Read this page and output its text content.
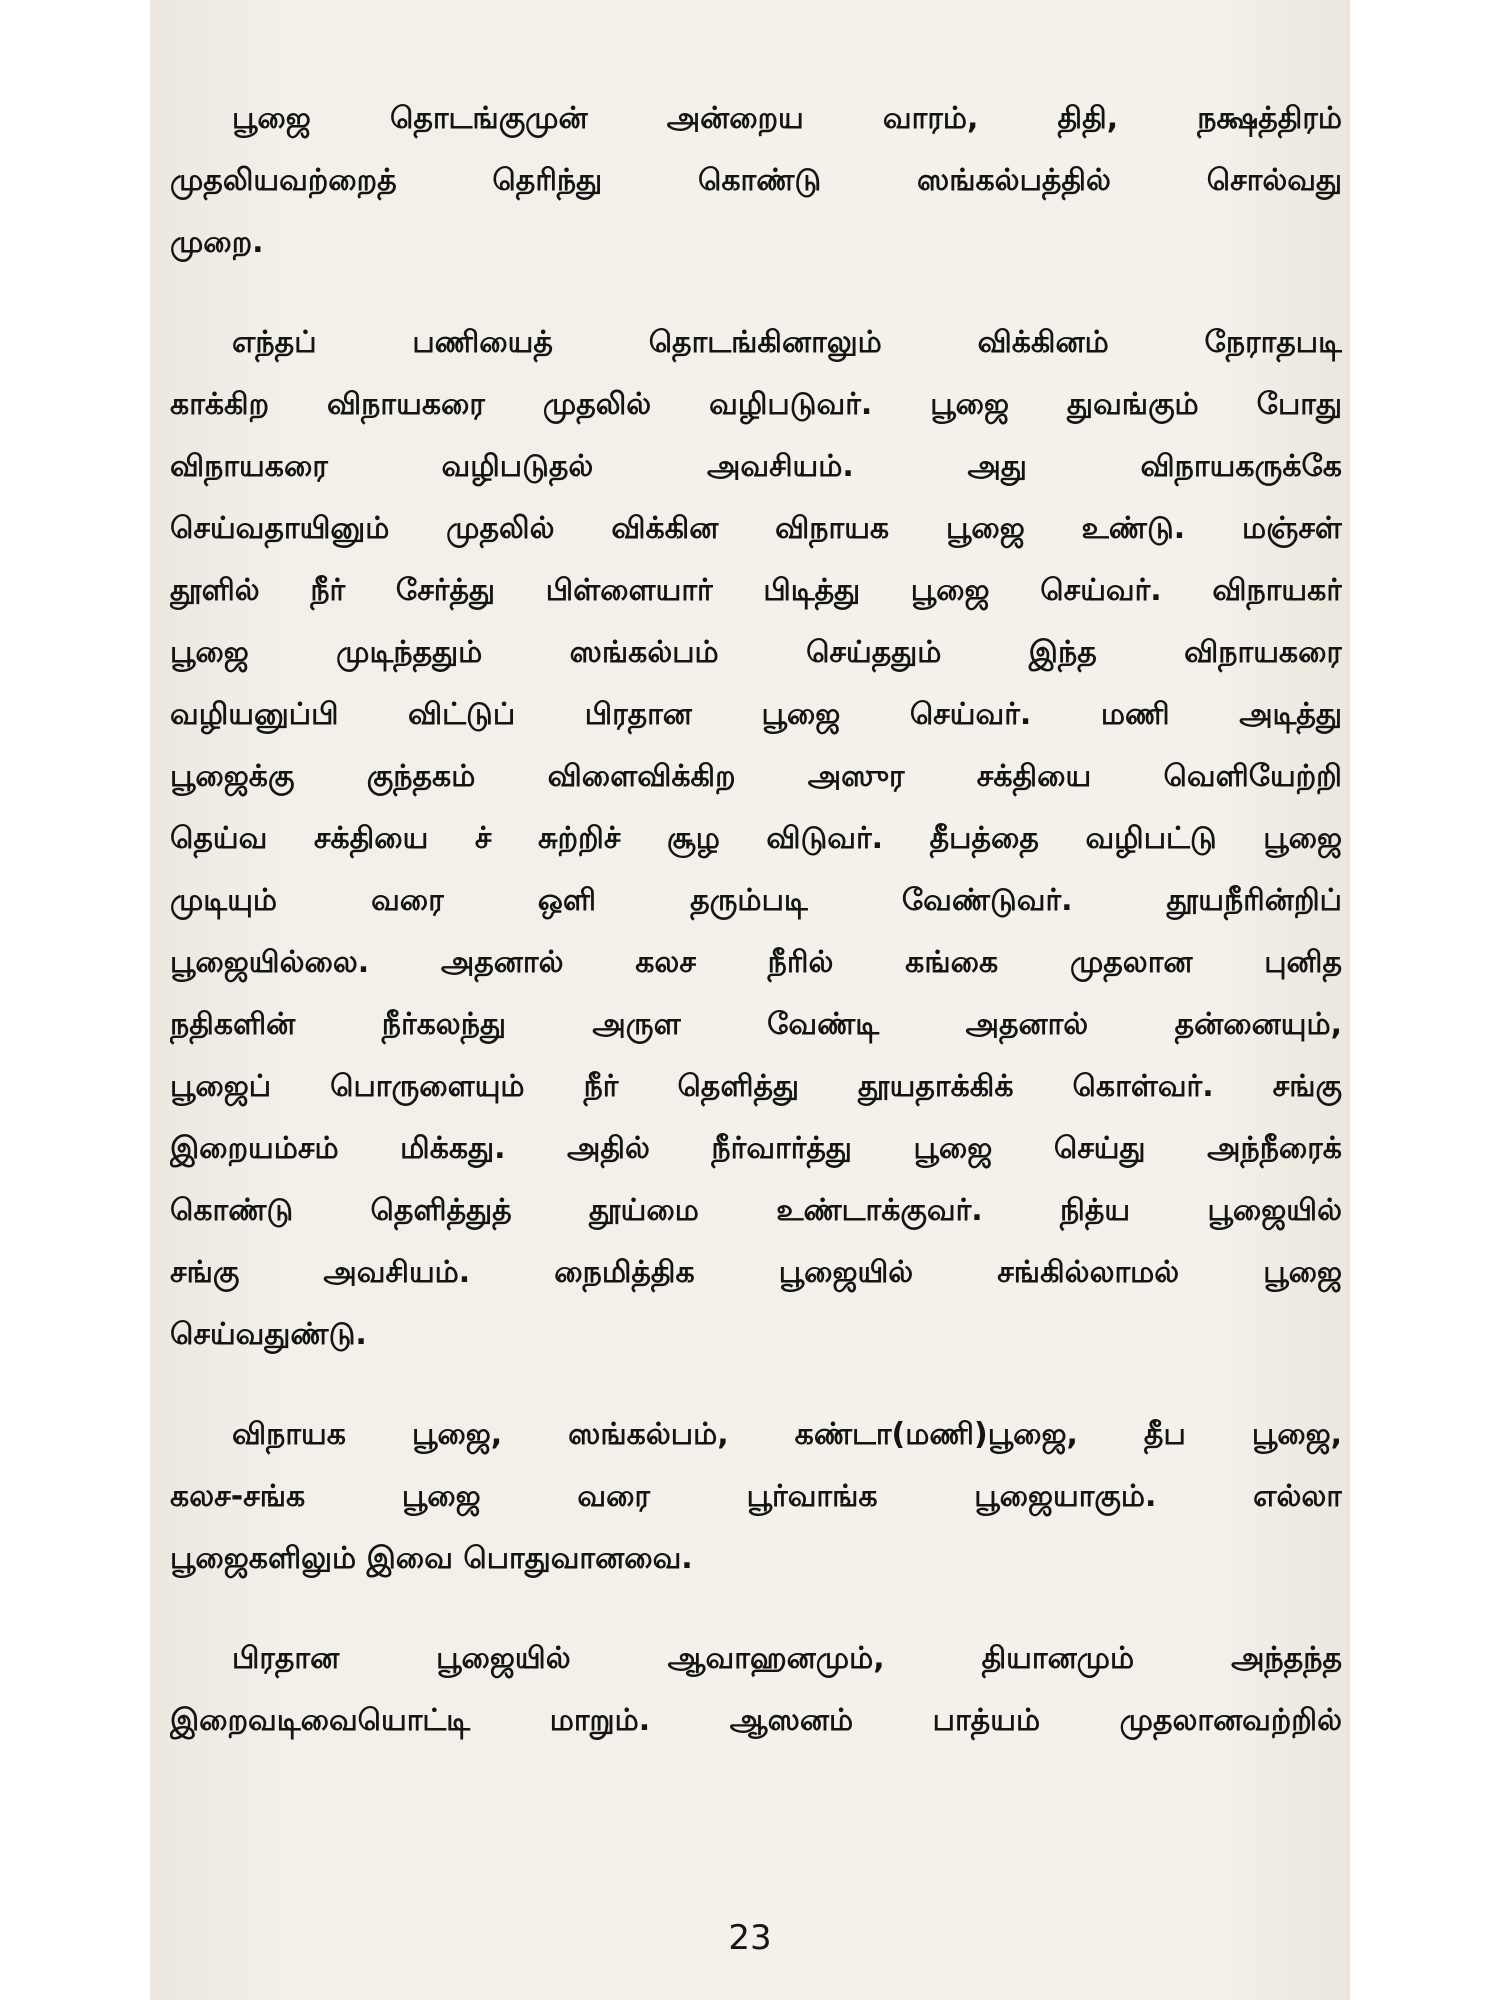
பூஜை தொடங்குமுன் அன்றைய வாரம், திதி, நக்ஷத்திரம்
முதலியவற்றைத் தெரிந்து கொண்டு ஸங்கல்பத்தில் சொல்வது
முறை.
எந்தப் பணியைத் தொடங்கினாலும் விக்கினம் நேராதபடி
காக்கிற விநாயகரை முதலில் வழிபடுவர். பூஜை துவங்கும் போது
விநாயகரை வழிபடுதல் அவசியம். அது விநாயகருக்கே
செய்வதாயினும் முதலில் விக்கின விநாயக பூஜை உண்டு. மஞ்சள்
தூளில் நீர் சேர்த்து பிள்ளையார் பிடித்து பூஜை செய்வர். விநாயகர்
பூஜை முடிந்ததும் ஸங்கல்பம் செய்ததும் இந்த விநாயகரை
வழியனுப்பி விட்டுப் பிரதான பூஜை செய்வர். மணி அடித்து
பூஜைக்கு குந்தகம் விளைவிக்கிற அஸுர சக்தியை வெளியேற்றி
தெய்வ சக்தியை ச் சுற்றிச் சூழ விடுவர். தீபத்தை வழிபட்டு பூஜை
முடியும் வரை ஒளி தரும்படி வேண்டுவர். தூயநீரின்றிப்
பூஜையில்லை. அதனால் கலச நீரில் கங்கை முதலான புனித
நதிகளின் நீர்கலந்து அருள வேண்டி அதனால் தன்னையும்,
பூஜைப் பொருளையும் நீர் தெளித்து தூயதாக்கிக் கொள்வர். சங்கு
இறையம்சம் மிக்கது. அதில் நீர்வார்த்து பூஜை செய்து அந்நீரைக்
கொண்டு தெளித்துத் தூய்மை உண்டாக்குவர். நித்ய பூஜையில்
சங்கு அவசியம். நைமித்திக பூஜையில் சங்கில்லாமல் பூஜை
செய்வதுண்டு.
விநாயக பூஜை, ஸங்கல்பம், கண்டா(மணி)பூஜை, தீப பூஜை,
கலச-சங்க பூஜை வரை பூர்வாங்க பூஜையாகும். எல்லா
பூஜைகளிலும் இவை பொதுவானவை.
பிரதான பூஜையில் ஆவாஹனமும், தியானமும் அந்தந்த
இறைவடிவையொட்டி மாறும். ஆஸனம் பாத்யம் முதலானவற்றில்
23
